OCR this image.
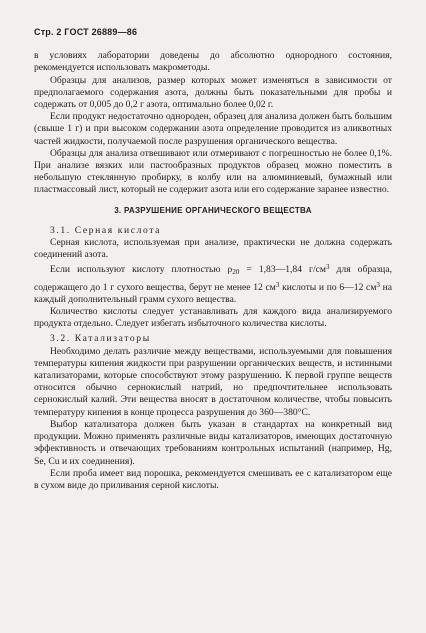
Стр. 2 ГОСТ 26889—86

в условиях лаборатории доведены до абсолютно однородного состояния, рекомендуется использовать макрометоды.

Образцы для анализов, размер которых может изменяться в зависимости от предполагаемого содержания азота, должны быть показательными для пробы и содержать от 0,005 до 0,2 г азота, оптимально более 0,02 г.

Если продукт недостаточно однороден, образец для анализа должен быть большим (свыше 1 г) и при высоком содержании азота определение проводится из аликвотных частей жидкости, получаемой после разрушения органического вещества.

Образцы для анализа отвешивают или отмеривают с погрешностью не более 0,1%. При анализе вязких или пастообразных продуктов образец можно поместить в небольшую стеклянную пробирку, в колбу или на алюминиевый, бумажный или пластмассовый лист, который не содержит азота или его содержание заранее известно.

3. РАЗРУШЕНИЕ ОРГАНИЧЕСКОГО ВЕЩЕСТВА

3.1. Серная кислота

Серная кислота, используемая при анализе, практически не должна содержать соединений азота.

Если используют кислоту плотностью $\rho_{20}$ = 1,83—1,84 $г/см^3$ для образца, содержащего до 1 г сухого вещества, берут не менее 12 $см^3$ кислоты и по 6—12 $см^3$ на каждый дополнительный грамм сухого вещества.

Количество кислоты следует устанавливать для каждого вида анализируемого продукта отдельно. Следует избегать избыточного количества кислоты.

3.2. Катализаторы

Необходимо делать различие между веществами, используемыми для повышения температуры кипения жидкости при разрушении органических веществ, и истинными катализаторами, которые способствуют этому разрушению. К первой группе веществ относится обычно сернокислый натрий, но предпочтительнее использовать сернокислый калий. Эти вещества вносят в достаточном количестве, чтобы повысить температуру кипения в конце процесса разрушения до 360—380°С.

Выбор катализатора должен быть указан в стандартах на конкретный вид продукции. Можно применять различные виды катализаторов, имеющих достаточную эффективность и отвечающих требованиям контрольных испытаний (например, Hg, Se, Cu и их соединения).

Если проба имеет вид порошка, рекомендуется смешивать ее с катализатором еще в сухом виде до приливания серной кислоты.
